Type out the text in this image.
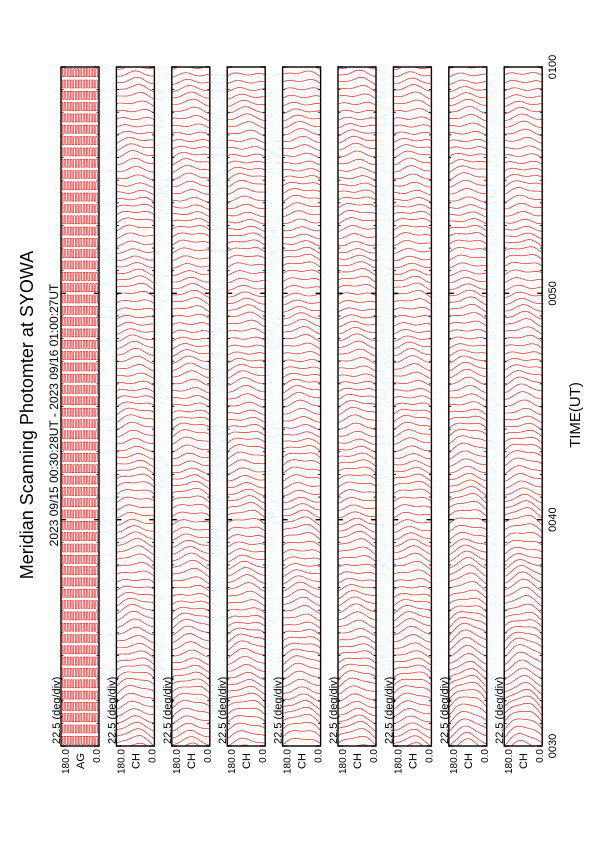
Meridian Scanning Photomter at SYOWA 2023 09/15 00:30:28UT - 2023 09/16 01:00:27UT	TIME(UT)
22.5 (deg/div)
180.0 AG 0.0
22.5 (deg/div)
180.0 CH 0.0
22.5 (deg/div)
180.0 CH 0.0
22.5 (deg/div)
180.0 CH 0.0
22.5 (deg/div)
180.0 CH 0.0
22.5 (deg/div)
180.0 CH 0.0
22.5 (deg/div)
180.0 CH 0.0
22.5 (deg/div)
180.0 CH 0.0
22.5 (deg/div)
180.0 CH 0.0 0030
0040
0050
0100
